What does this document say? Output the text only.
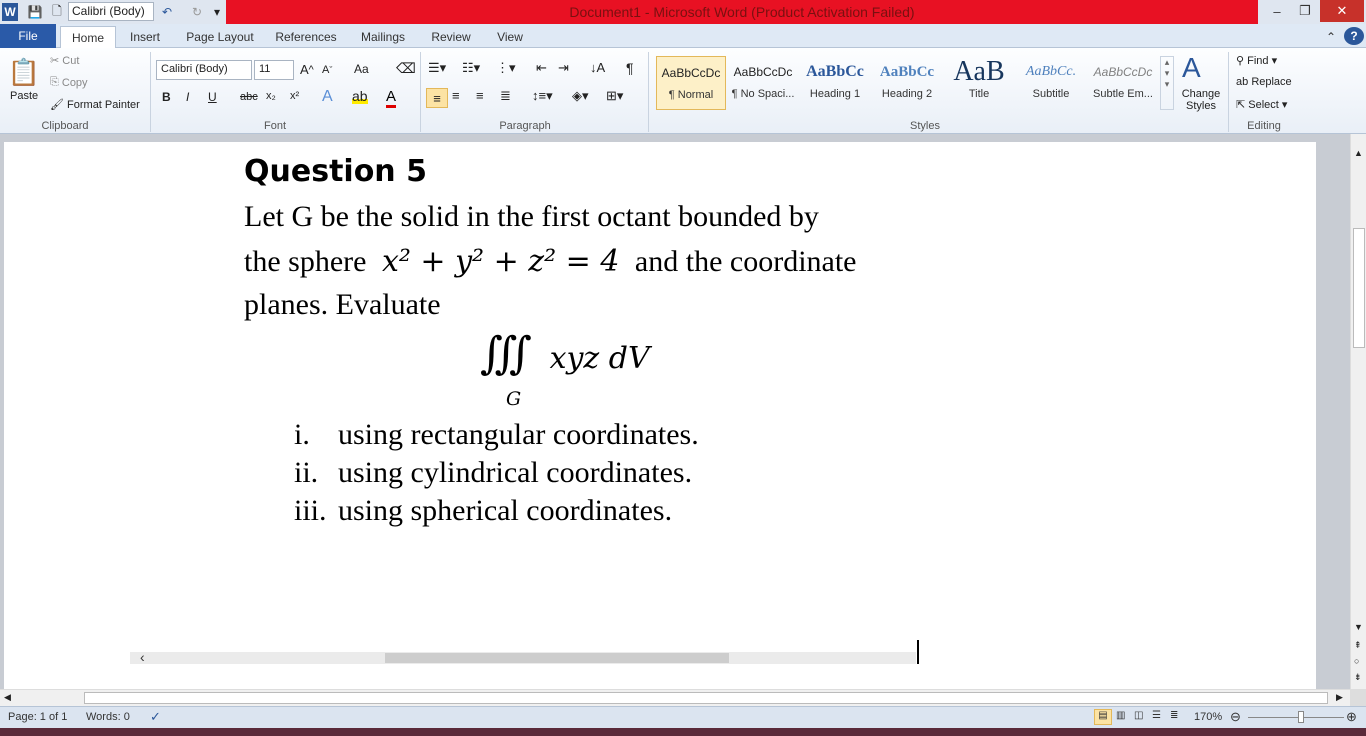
W 💾 🗋 Calibri (Body)	↶	↻ ▾	Document1 - Microsoft Word (Product Activation Failed)	–	❐	✕
File	Home	Insert	Page Layout	References	Mailings	Review	View	⌃	?
📋
Paste
✂
Cut
⎘
Copy
🖌
Format Painter
Clipboard
Calibri (Body)	11	A ^ A ˇ Aa ⌫
B I U abc x₂ x² A ab A
Font
☰▾ ☷▾ ⋮▾ ⇤ ⇥ ↓A ¶
≡ ≡ ≡ ≣ ↕≡▾ ◈▾ ⊞▾
Paragraph
AaBbCcDc
¶ Normal
AaBbCcDc
¶ No Spaci...
AaBbCc
Heading 1
AaBbCc
Heading 2
AaB
Title
AaBbCc.
Subtitle
AaBbCcDc
Subtle Em...
▴
▾
▾
A
Change Styles
Styles
⚲
Find ▾
ab
Replace
⇱
Select ▾
Editing
Question 5
Let G be the solid in the first octant bounded by
the sphere x² + y² + z² = 4 and the coordinate
planes. Evaluate
∭ xyz dV
G
i. using rectangular coordinates.
ii. using cylindrical coordinates.
iii. using spherical coordinates.
‹
▲
▼
⇞
○
⇟
◀	▶
Page: 1 of 1 Words: 0 ✓	▤ ▥ ◫ ☰ ≣ 170% ⊖	⊕
